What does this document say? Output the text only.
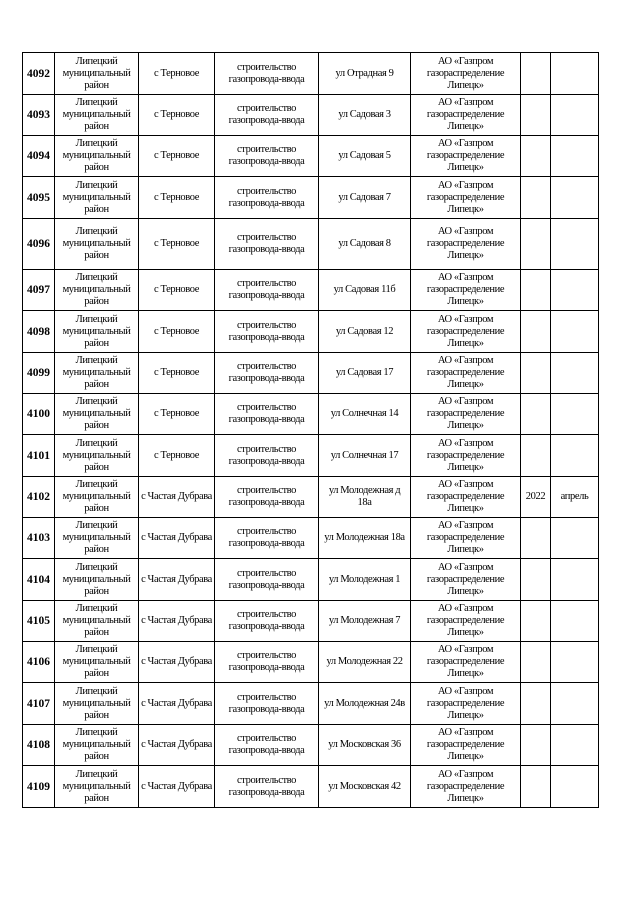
4092	Липецкий муниципальный район	с Терновое	строительство газопровода-ввода	ул Отрадная 9	АО «Газпром газораспределение Липецк»		

4093	Липецкий муниципальный район	с Терновое	строительство газопровода-ввода	ул Садовая 3	АО «Газпром газораспределение Липецк»		

4094	Липецкий муниципальный район	с Терновое	строительство газопровода-ввода	ул Садовая 5	АО «Газпром газораспределение Липецк»		

4095	Липецкий муниципальный район	с Терновое	строительство газопровода-ввода	ул Садовая 7	АО «Газпром газораспределение Липецк»		

4096	Липецкий муниципальный район	с Терновое	строительство газопровода-ввода	ул Садовая 8	АО «Газпром газораспределение Липецк»		

4097	Липецкий муниципальный район	с Терновое	строительство газопровода-ввода	ул Садовая 11б	АО «Газпром газораспределение Липецк»		

4098	Липецкий муниципальный район	с Терновое	строительство газопровода-ввода	ул Садовая 12	АО «Газпром газораспределение Липецк»		

4099	Липецкий муниципальный район	с Терновое	строительство газопровода-ввода	ул Садовая 17	АО «Газпром газораспределение Липецк»		

4100	Липецкий муниципальный район	с Терновое	строительство газопровода-ввода	ул Солнечная 14	АО «Газпром газораспределение Липецк»		

4101	Липецкий муниципальный район	с Терновое	строительство газопровода-ввода	ул Солнечная 17	АО «Газпром газораспределение Липецк»		

4102	Липецкий муниципальный район	с Частая Дубрава	строительство газопровода-ввода	ул Молодежная д 18а	АО «Газпром газораспределение Липецк»	2022	апрель

4103	Липецкий муниципальный район	с Частая Дубрава	строительство газопровода-ввода	ул Молодежная 18а	АО «Газпром газораспределение Липецк»		

4104	Липецкий муниципальный район	с Частая Дубрава	строительство газопровода-ввода	ул Молодежная 1	АО «Газпром газораспределение Липецк»		

4105	Липецкий муниципальный район	с Частая Дубрава	строительство газопровода-ввода	ул Молодежная 7	АО «Газпром газораспределение Липецк»		

4106	Липецкий муниципальный район	с Частая Дубрава	строительство газопровода-ввода	ул Молодежная 22	АО «Газпром газораспределение Липецк»		

4107	Липецкий муниципальный район	с Частая Дубрава	строительство газопровода-ввода	ул Молодежная 24в	АО «Газпром газораспределение Липецк»		

4108	Липецкий муниципальный район	с Частая Дубрава	строительство газопровода-ввода	ул Московская 36	АО «Газпром газораспределение Липецк»		

4109	Липецкий муниципальный район	с Частая Дубрава	строительство газопровода-ввода	ул Московская 42	АО «Газпром газораспределение Липецк»		
